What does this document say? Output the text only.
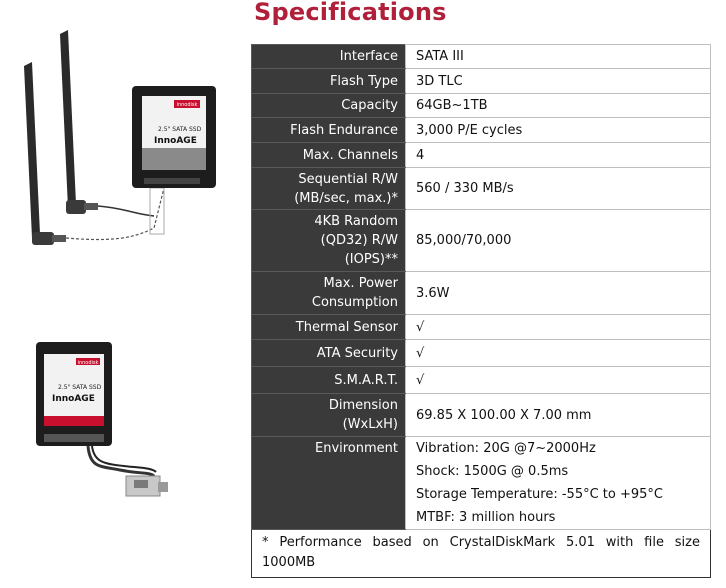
Specifications
innodisk
2.5" SATA SSD
InnoAGE
innodisk
2.5" SATA SSD
InnoAGE
Interface	SATA III
Flash Type	3D TLC
Capacity	64GB~1TB
Flash Endurance	3,000 P/E cycles
Max. Channels	4

Sequential R/W
(MB/sec, max.)*	560 / 330 MB/s

4KB Random
(QD32) R/W
(IOPS)**	85,000/70,000

Max. Power
Consumption	3.6W
Thermal Sensor	√
ATA Security	√
S.M.A.R.T.	√

Dimension
(WxLxH)	69.85 X 100.00 X 7.00 mm
Environment	Vibration: 20G @7~2000Hz
Shock: 1500G @ 0.5ms
Storage Temperature: -55°C to +95°C
MTBF: 3 million hours

* Performance based on CrystalDiskMark 5.01 with file size 1000MB	
